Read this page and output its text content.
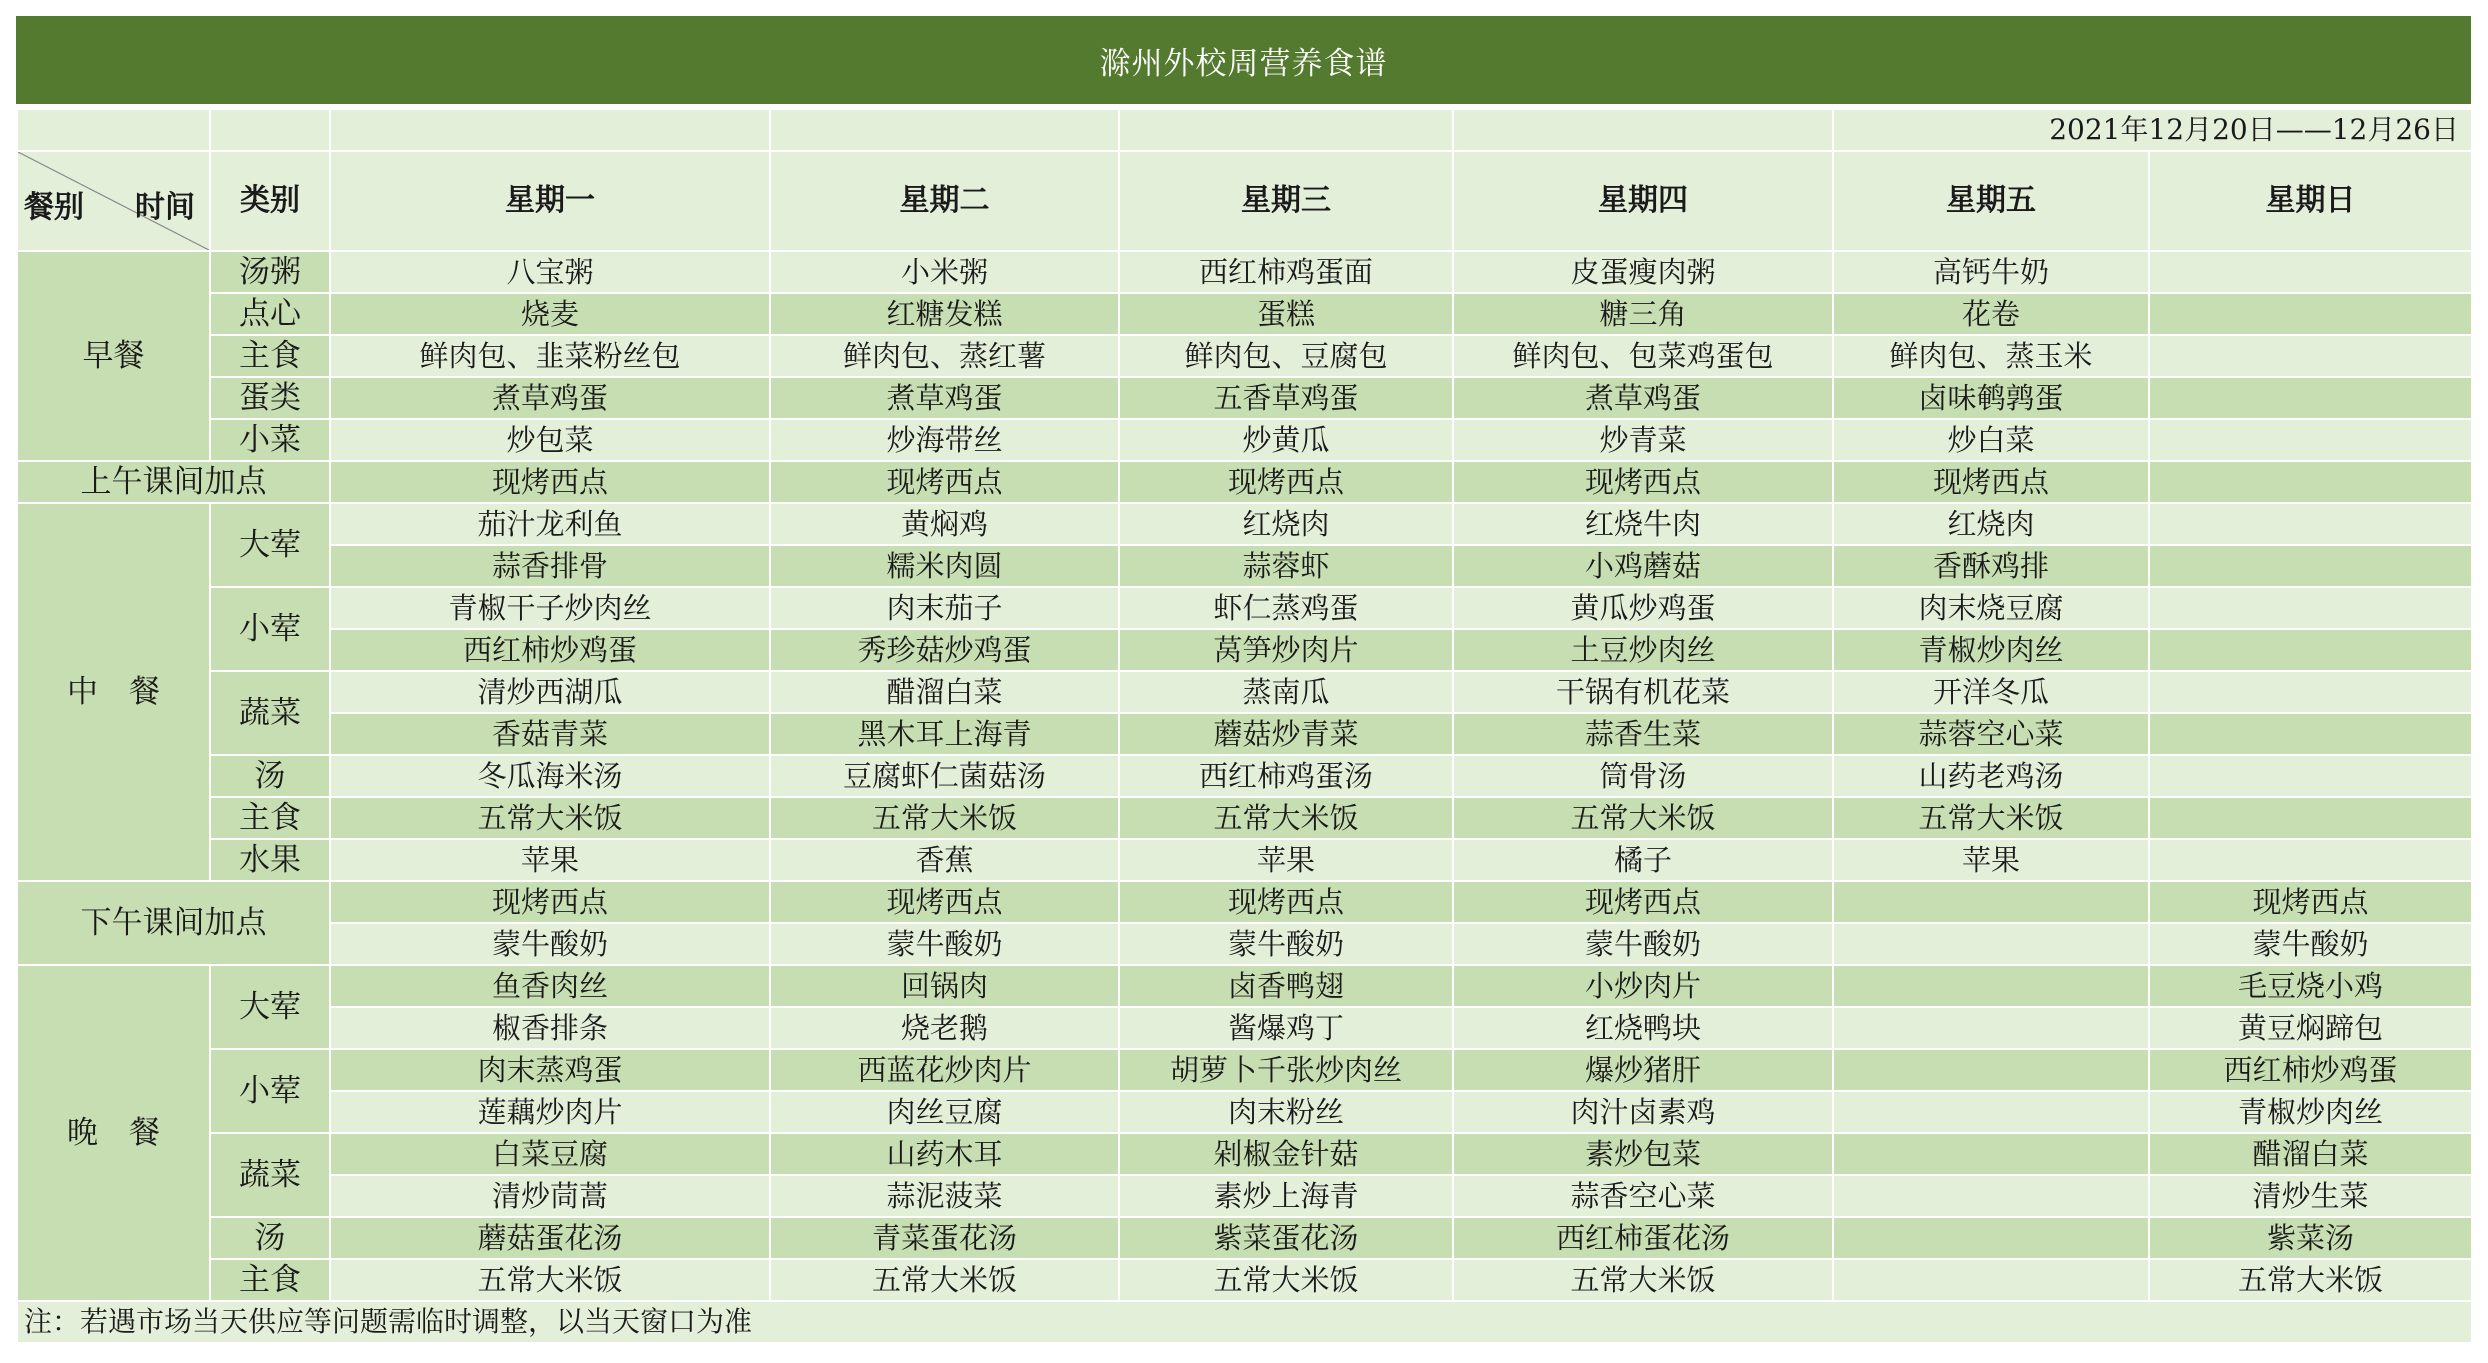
滁州外校周营养食谱
						2021年12月20日——12月26日	

餐别 时间	类别	星期一	星期二	星期三	星期四	星期五	星期日
早餐	汤粥	八宝粥	小米粥	西红柿鸡蛋面	皮蛋瘦肉粥	高钙牛奶	
	点心	烧麦	红糖发糕	蛋糕	糖三角	花卷	
	主食	鲜肉包、韭菜粉丝包	鲜肉包、蒸红薯	鲜肉包、豆腐包	鲜肉包、包菜鸡蛋包	鲜肉包、蒸玉米	
	蛋类	煮草鸡蛋	煮草鸡蛋	五香草鸡蛋	煮草鸡蛋	卤味鹌鹑蛋	
	小菜	炒包菜	炒海带丝	炒黄瓜	炒青菜	炒白菜	
上午课间加点		现烤西点	现烤西点	现烤西点	现烤西点	现烤西点	
中　餐	大荤	茄汁龙利鱼	黄焖鸡	红烧肉	红烧牛肉	红烧肉	
		蒜香排骨	糯米肉圆	蒜蓉虾	小鸡蘑菇	香酥鸡排	
	小荤	青椒干子炒肉丝	肉末茄子	虾仁蒸鸡蛋	黄瓜炒鸡蛋	肉末烧豆腐	
		西红柿炒鸡蛋	秀珍菇炒鸡蛋	莴笋炒肉片	土豆炒肉丝	青椒炒肉丝	
	蔬菜	清炒西湖瓜	醋溜白菜	蒸南瓜	干锅有机花菜	开洋冬瓜	
		香菇青菜	黑木耳上海青	蘑菇炒青菜	蒜香生菜	蒜蓉空心菜	
	汤	冬瓜海米汤	豆腐虾仁菌菇汤	西红柿鸡蛋汤	筒骨汤	山药老鸡汤	
	主食	五常大米饭	五常大米饭	五常大米饭	五常大米饭	五常大米饭	
	水果	苹果	香蕉	苹果	橘子	苹果	
下午课间加点		现烤西点	现烤西点	现烤西点	现烤西点		现烤西点
		蒙牛酸奶	蒙牛酸奶	蒙牛酸奶	蒙牛酸奶		蒙牛酸奶
晚　餐	大荤	鱼香肉丝	回锅肉	卤香鸭翅	小炒肉片		毛豆烧小鸡
		椒香排条	烧老鹅	酱爆鸡丁	红烧鸭块		黄豆焖蹄包
	小荤	肉末蒸鸡蛋	西蓝花炒肉片	胡萝卜千张炒肉丝	爆炒猪肝		西红柿炒鸡蛋
		莲藕炒肉片	肉丝豆腐	肉末粉丝	肉汁卤素鸡		青椒炒肉丝
	蔬菜	白菜豆腐	山药木耳	剁椒金针菇	素炒包菜		醋溜白菜
		清炒茼蒿	蒜泥菠菜	素炒上海青	蒜香空心菜		清炒生菜
	汤	蘑菇蛋花汤	青菜蛋花汤	紫菜蛋花汤	西红柿蛋花汤		紫菜汤
	主食	五常大米饭	五常大米饭	五常大米饭	五常大米饭		五常大米饭
注：若遇市场当天供应等问题需临时调整，以当天窗口为准							
